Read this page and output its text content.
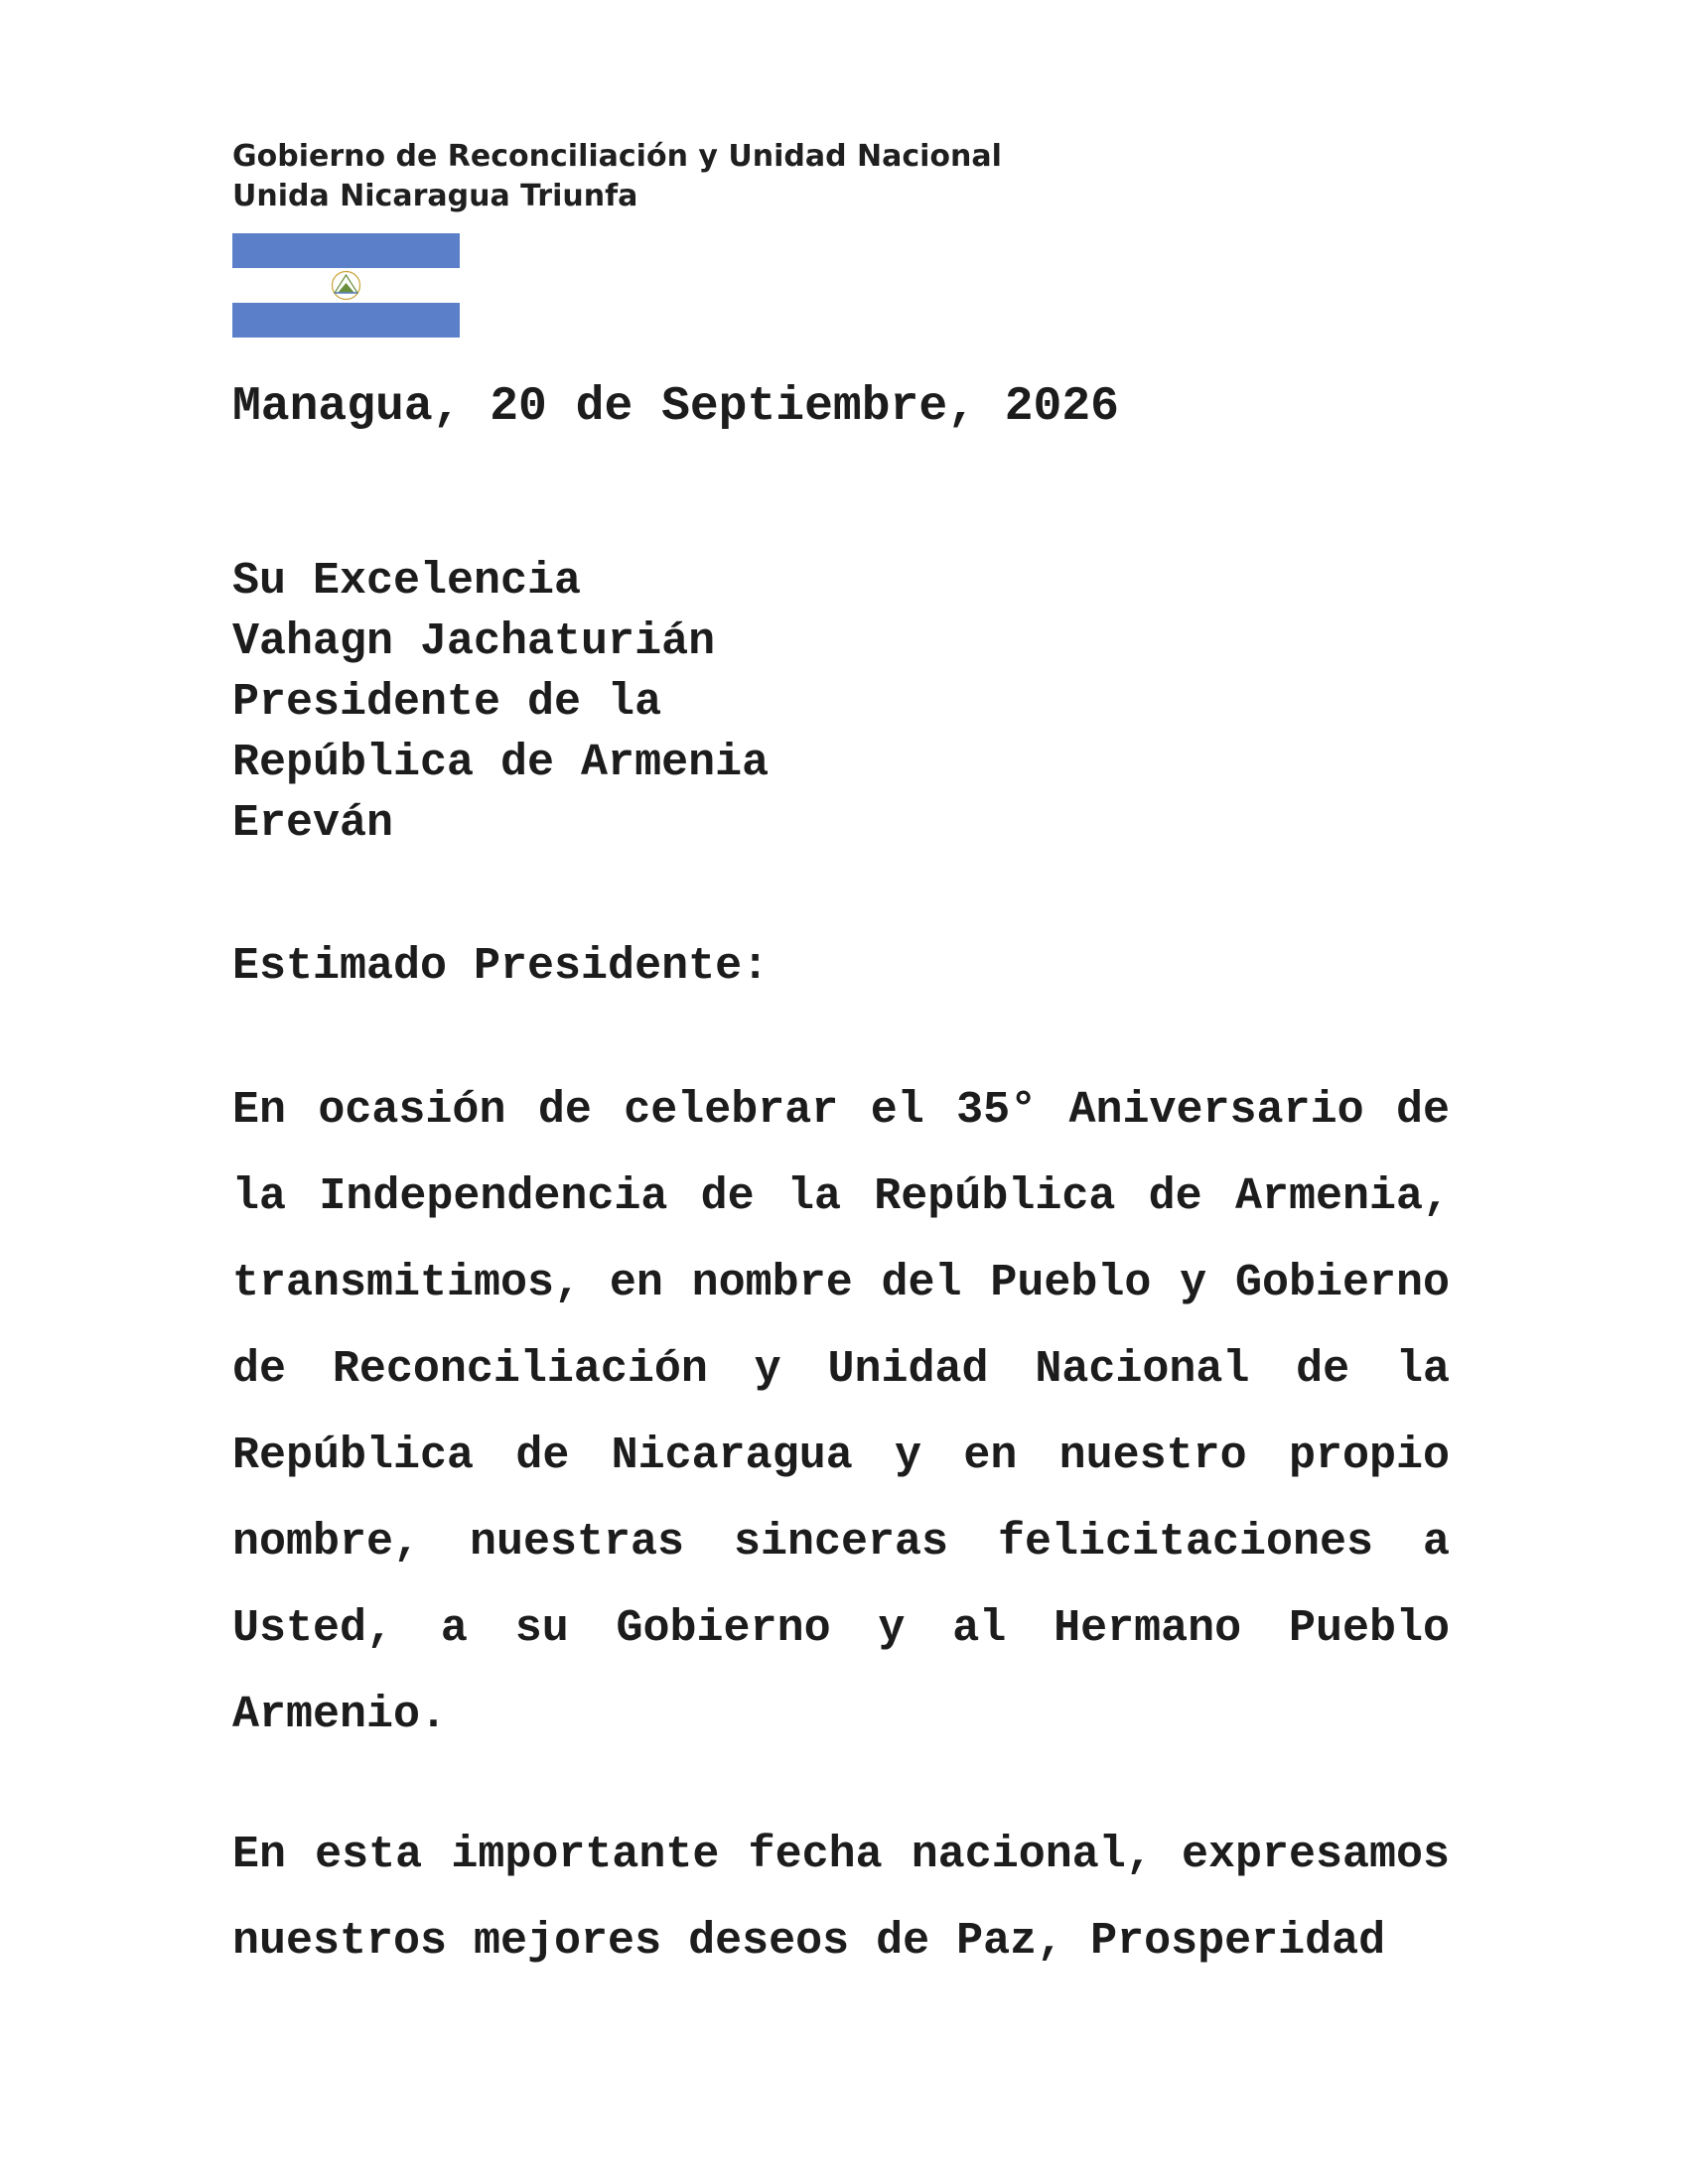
Gobierno de Reconciliación y Unidad Nacional
Unida Nicaragua Triunfa
Managua, 20 de Septiembre, 2026
Su Excelencia
Vahagn Jachaturián
Presidente de la
República de Armenia
Ereván
Estimado Presidente:

En ocasión de celebrar el 35° Aniversario de la Independencia de la República de Armenia, transmitimos, en nombre del Pueblo y Gobierno de Reconciliación y Unidad Nacional de la República de Nicaragua y en nuestro propio nombre, nuestras sinceras felicitaciones a Usted, a su Gobierno y al Hermano Pueblo Armenio.

En esta importante fecha nacional, expresamos nuestros mejores deseos de Paz, Prosperidad
